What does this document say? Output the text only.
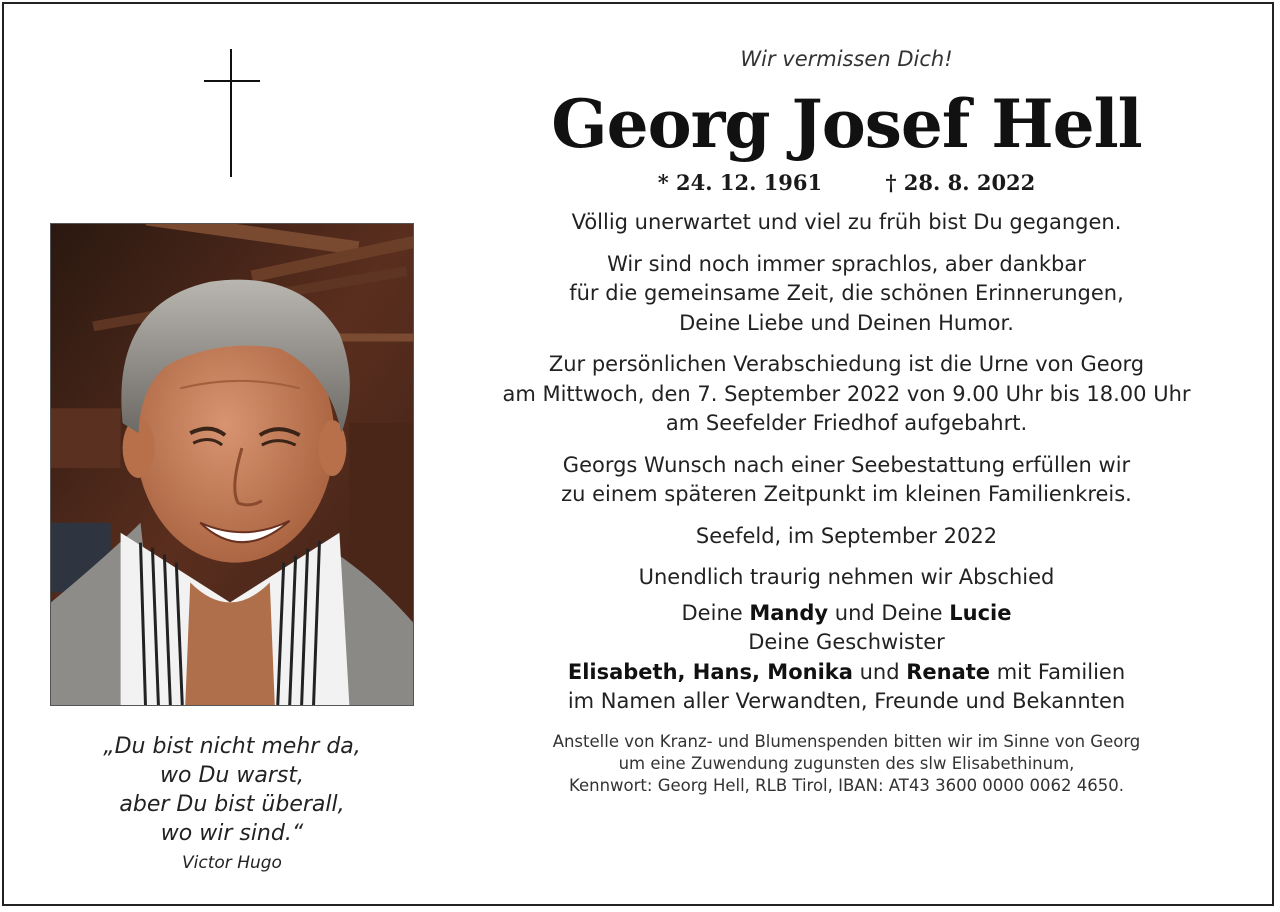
„Du bist nicht mehr da,
wo Du warst,
aber Du bist überall,
wo wir sind.“
Victor Hugo
Wir vermissen Dich!
Georg Josef Hell
* 24. 12. 1961	† 28. 8. 2022
Völlig unerwartet und viel zu früh bist Du gegangen.
Wir sind noch immer sprachlos, aber dankbar
für die gemeinsame Zeit, die schönen Erinnerungen,
Deine Liebe und Deinen Humor.
Zur persönlichen Verabschiedung ist die Urne von Georg
am Mittwoch, den 7. September 2022 von 9.00 Uhr bis 18.00 Uhr
am Seefelder Friedhof aufgebahrt.
Georgs Wunsch nach einer Seebestattung erfüllen wir
zu einem späteren Zeitpunkt im kleinen Familienkreis.
Seefeld, im September 2022
Unendlich traurig nehmen wir Abschied
Deine Mandy und Deine Lucie
Deine Geschwister
Elisabeth, Hans, Monika und Renate mit Familien
im Namen aller Verwandten, Freunde und Bekannten
Anstelle von Kranz- und Blumenspenden bitten wir im Sinne von Georg
um eine Zuwendung zugunsten des slw Elisabethinum,
Kennwort: Georg Hell, RLB Tirol, IBAN: AT43 3600 0000 0062 4650.
